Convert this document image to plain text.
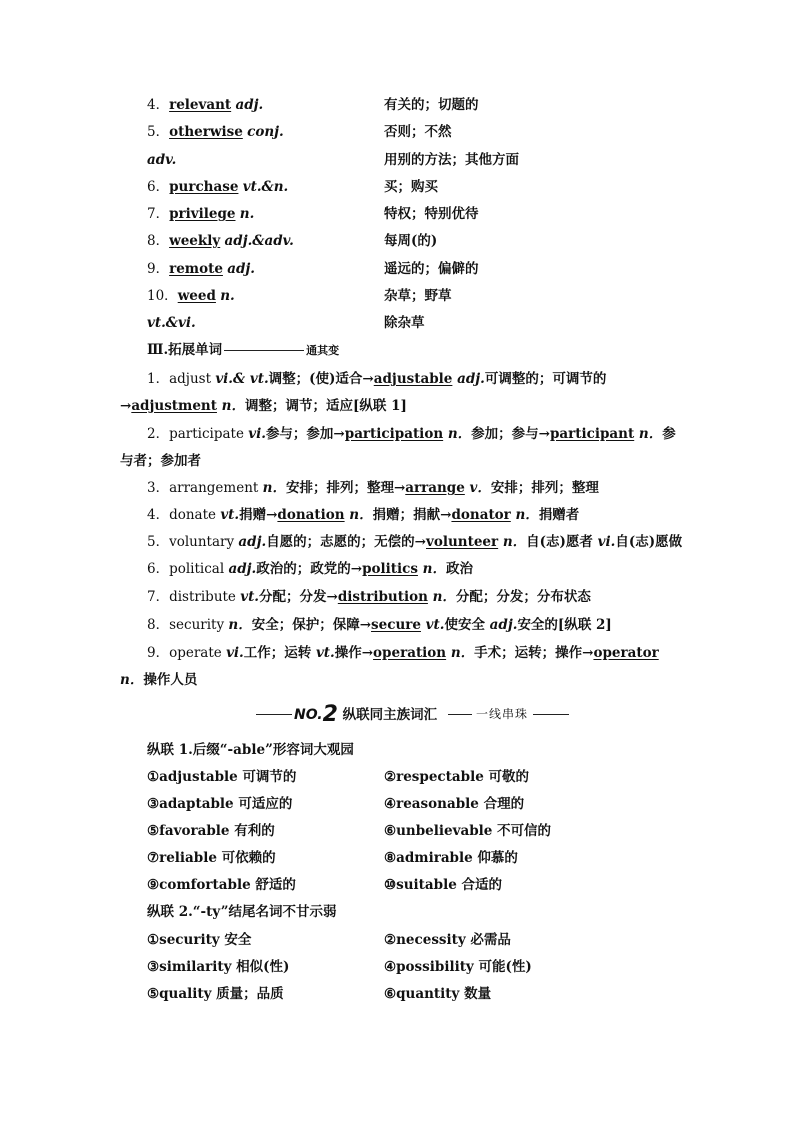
4．relevant adj.	有关的；切题的
5．otherwise conj.	否则；不然
adv.	用别的方法；其他方面
6．purchase vt.&n.	买；购买
7．privilege n.	特权；特别优待
8．weekly adj.&adv.	每周(的)
9．remote adj.	遥远的；偏僻的
10．weed n.	杂草；野草
vt.&vi.	除杂草
Ⅲ.拓展单词	通其变
1．adjust vi.& vt.调整；(使)适合→adjustable adj.可调整的；可调节的→adjustment n．调整；调节；适应[纵联 1]
2．participate vi.参与；参加→participation n．参加；参与→participant n．参与者；参加者
3．arrangement n．安排；排列；整理→arrange v．安排；排列；整理
4．donate vt.捐赠→donation n．捐赠；捐献→donator n．捐赠者
5．voluntary adj.自愿的；志愿的；无偿的→volunteer n．自(志)愿者 vi.自(志)愿做
6．political adj.政治的；政党的→politics n．政治
7．distribute vt.分配；分发→distribution n．分配；分发；分布状态
8．security n．安全；保护；保障→secure vt.使安全 adj.安全的[纵联 2]
9．operate vi.工作；运转 vt.操作→operation n．手术；运转；操作→operator n．操作人员
NO.2 纵联同主族词汇	一线串珠
纵联 1.后缀“-able”形容词大观园
①adjustable 可调节的	②respectable 可敬的
③adaptable 可适应的	④reasonable 合理的
⑤favorable 有利的	⑥unbelievable 不可信的
⑦reliable 可依赖的	⑧admirable 仰慕的
⑨comfortable 舒适的	⑩suitable 合适的
纵联 2.“-ty”结尾名词不甘示弱
①security 安全	②necessity 必需品
③similarity 相似(性)	④possibility 可能(性)
⑤quality 质量；品质	⑥quantity 数量
